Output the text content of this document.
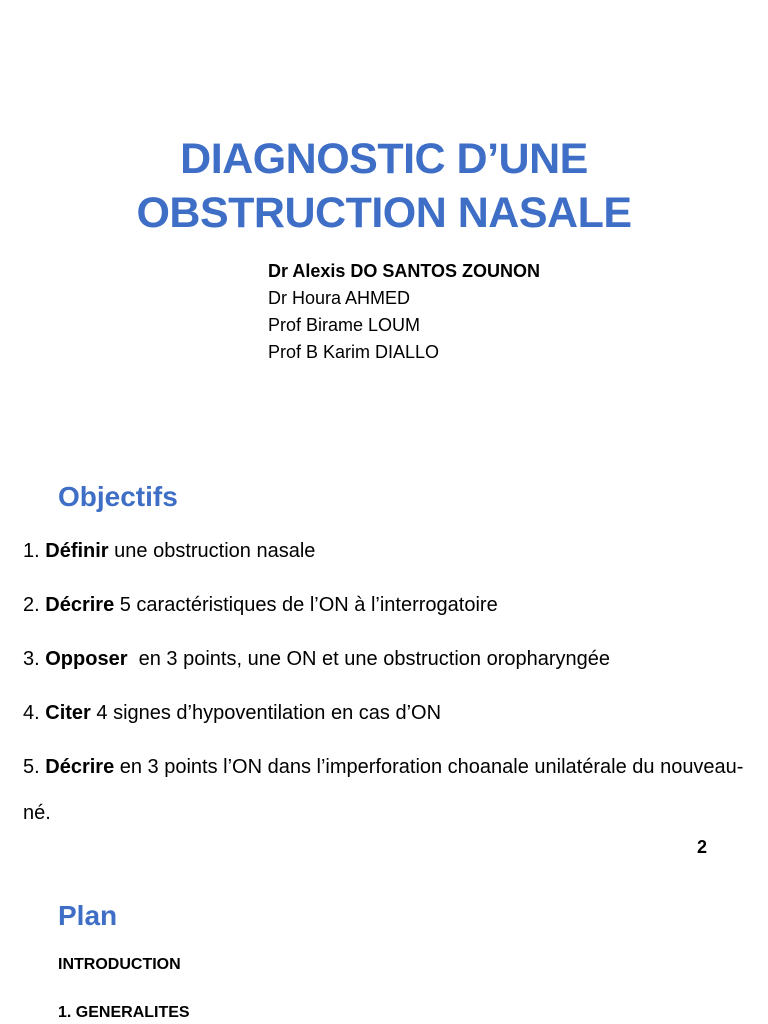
DIAGNOSTIC D’UNE
OBSTRUCTION NASALE
Dr Alexis DO SANTOS ZOUNON
Dr Houra AHMED
Prof Birame LOUM
Prof B Karim DIALLO
Objectifs
1. Définir une obstruction nasale
2. Décrire 5 caractéristiques de l’ON à l’interrogatoire
3. Opposer  en 3 points, une ON et une obstruction oropharyngée
4. Citer 4 signes d’hypoventilation en cas d’ON
5. Décrire en 3 points l’ON dans l’imperforation choanale unilatérale du nouveau-né.
2
Plan
INTRODUCTION
1. GENERALITES
